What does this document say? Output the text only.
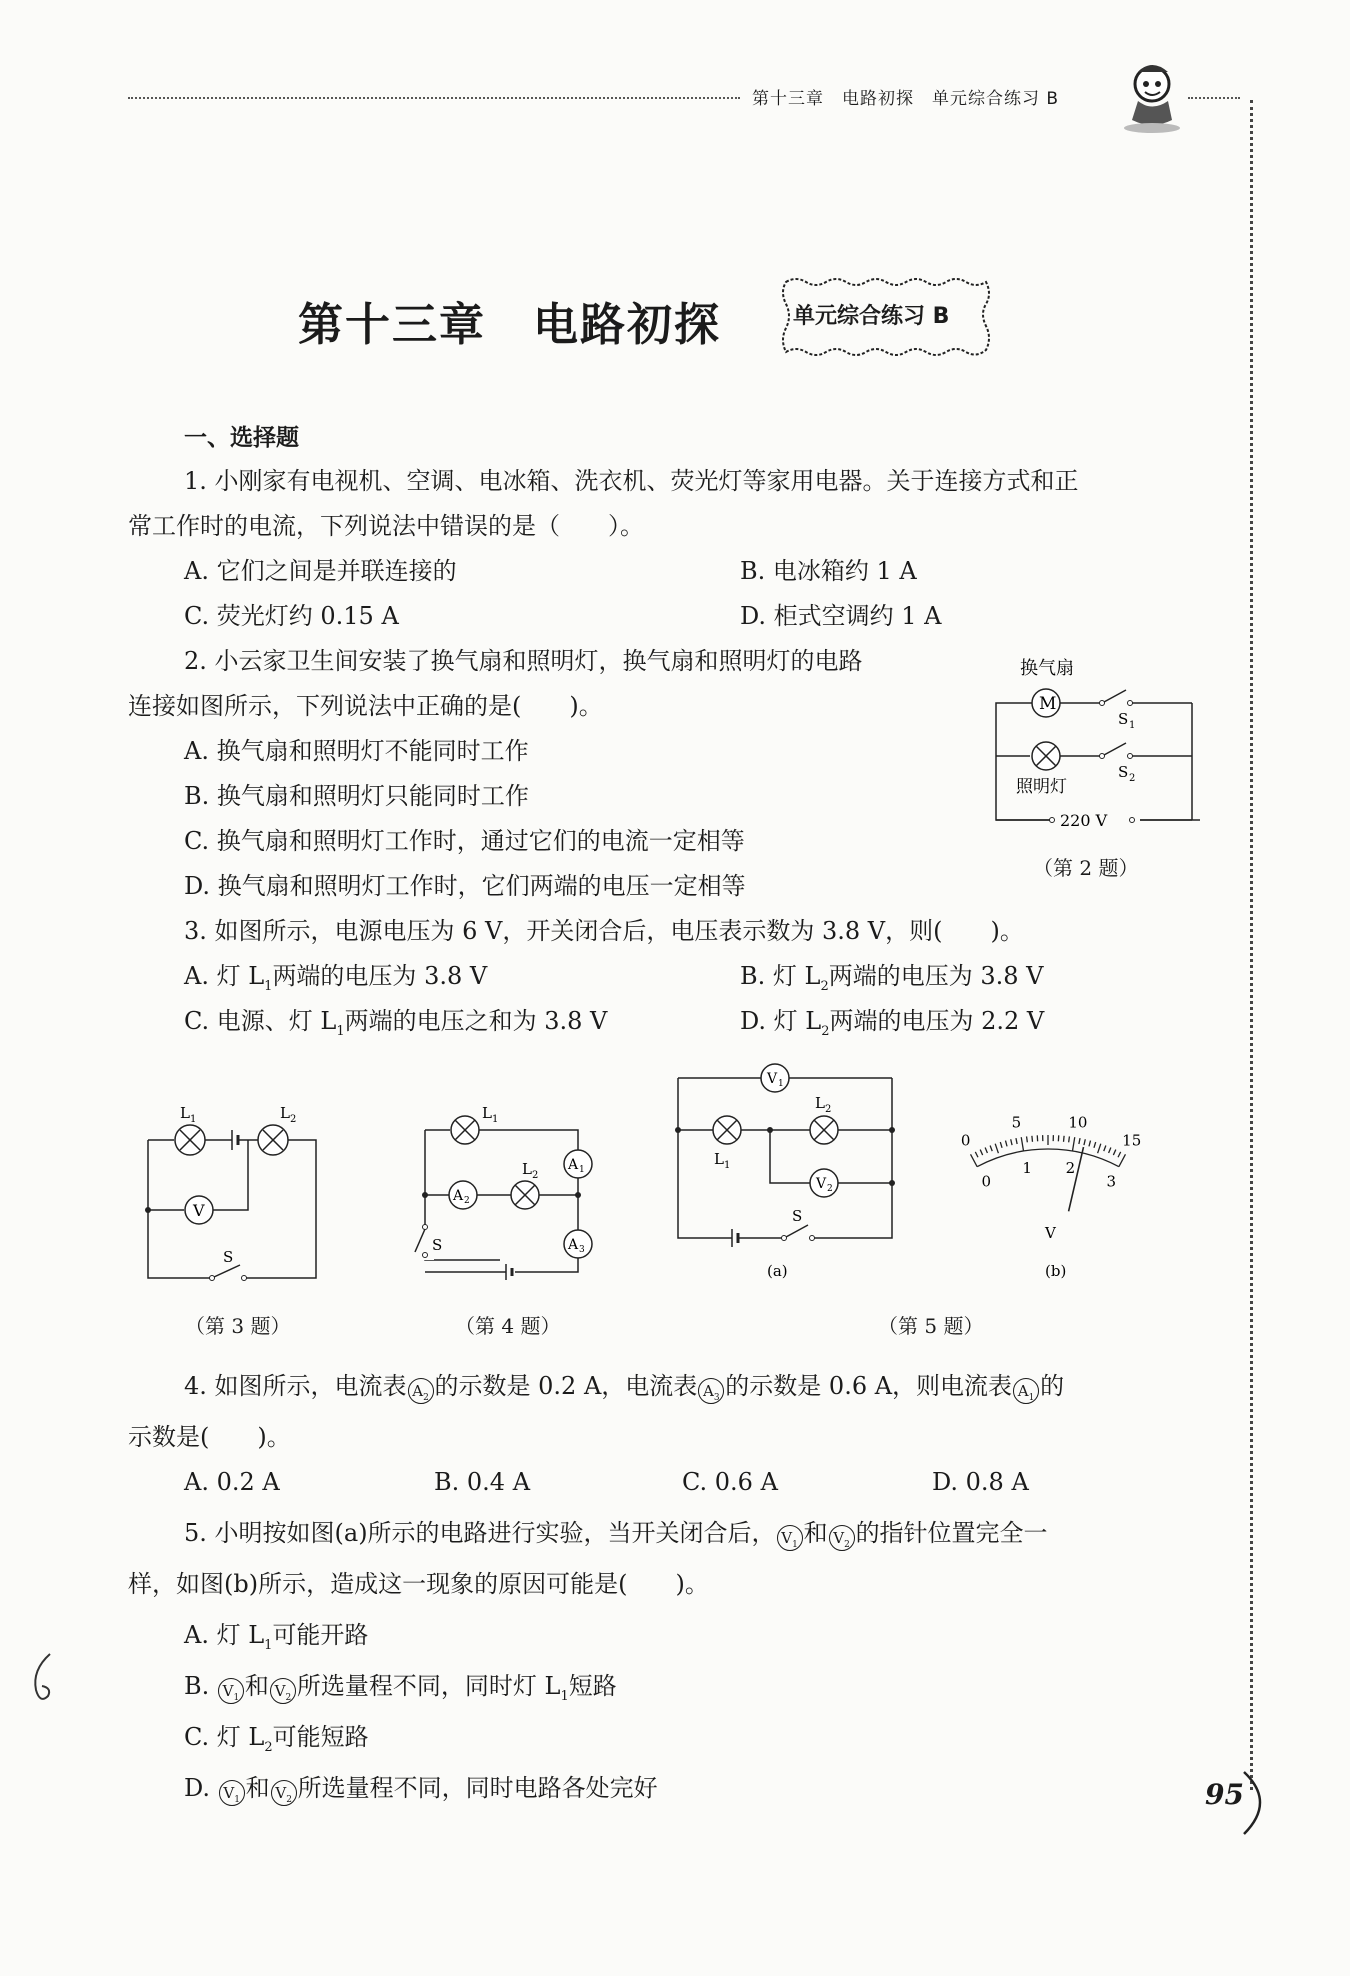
第十三章　电路初探　单元综合练习 B
第十三章　电路初探	单元综合练习 B
一、选择题
1. 小刚家有电视机、空调、电冰箱、洗衣机、荧光灯等家用电器。关于连接方式和正
常工作时的电流，下列说法中错误的是（　　）。
A. 它们之间是并联连接的	B. 电冰箱约 1 A
C. 荧光灯约 0.15 A	D. 柜式空调约 1 A
2. 小云家卫生间安装了换气扇和照明灯，换气扇和照明灯的电路
连接如图所示，下列说法中正确的是(　　)。
A. 换气扇和照明灯不能同时工作
B. 换气扇和照明灯只能同时工作
C. 换气扇和照明灯工作时，通过它们的电流一定相等
D. 换气扇和照明灯工作时，它们两端的电压一定相等
换气扇
M
S 1
S 2
照明灯
220 V
（第 2 题）
3. 如图所示，电源电压为 6 V，开关闭合后，电压表示数为 3.8 V，则(　　)。
A. 灯 $L_1$两端的电压为 3.8 V	B. 灯 $L_2$两端的电压为 3.8 V
C. 电源、灯 $L_1$两端的电压之和为 3.8 V	D. 灯 $L_2$两端的电压为 2.2 V
V
S
L 1	L 2
（第 3 题）
A 1
A 2
A 3
S
L 1
L 2
（第 4 题）
V 1
V 2
S
L 1
L 2
(a)
0
5	10
15
0
1 2
3
V
(b)
（第 5 题）
4. 如图所示，电流表 $A_2$ 的示数是 0.2 A，电流表 $A_3$ 的示数是 0.6 A，则电流表 $A_1$ 的
示数是(　　)。
A. 0.2 A	B. 0.4 A	C. 0.6 A	D. 0.8 A
5. 小明按如图(a)所示的电路进行实验，当开关闭合后， $V_1$ 和 $V_2$ 的指针位置完全一
样，如图(b)所示，造成这一现象的原因可能是(　　)。
A. 灯 $L_1$可能开路
B. $V_1$ 和 $V_2$ 所选量程不同，同时灯 $L_1$短路
C. 灯 $L_2$可能短路
D. $V_1$ 和 $V_2$ 所选量程不同，同时电路各处完好	95
